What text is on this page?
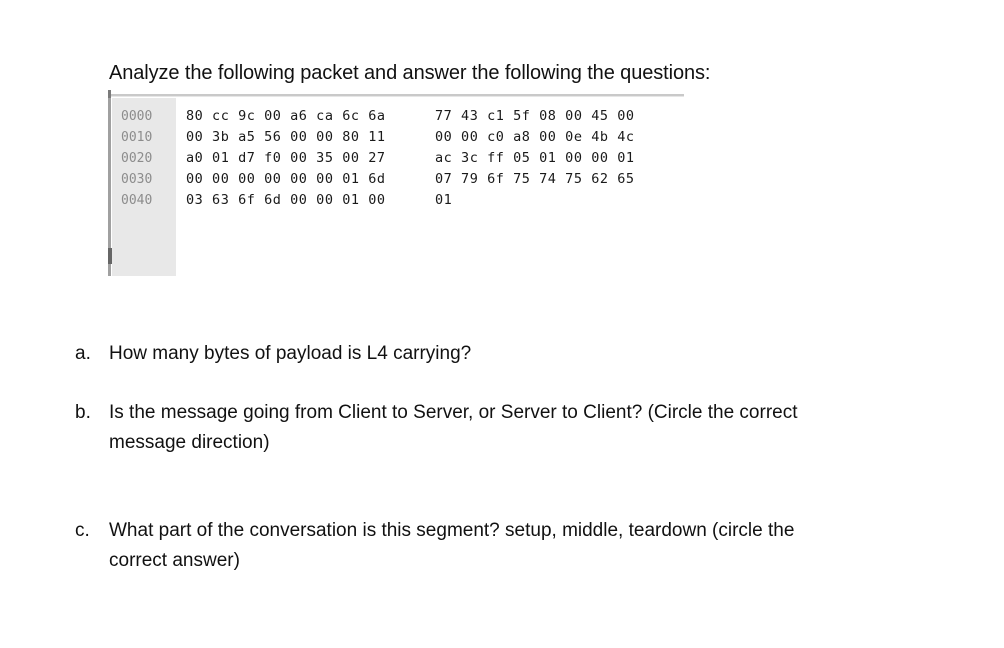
Analyze the following packet and answer the following the questions:
0000 80 cc 9c 00 a6 ca 6c 6a	77 43 c1 5f 08 00 45 00
0010 00 3b a5 56 00 00 80 11	00 00 c0 a8 00 0e 4b 4c
0020 a0 01 d7 f0 00 35 00 27	ac 3c ff 05 01 00 00 01
0030 00 00 00 00 00 00 01 6d	07 79 6f 75 74 75 62 65
0040 03 63 6f 6d 00 00 01 00	01
a. How many bytes of payload is L4 carrying?
b. Is the message going from Client to Server, or Server to Client? (Circle the correct
message direction)
c. What part of the conversation is this segment? setup, middle, teardown (circle the
correct answer)
